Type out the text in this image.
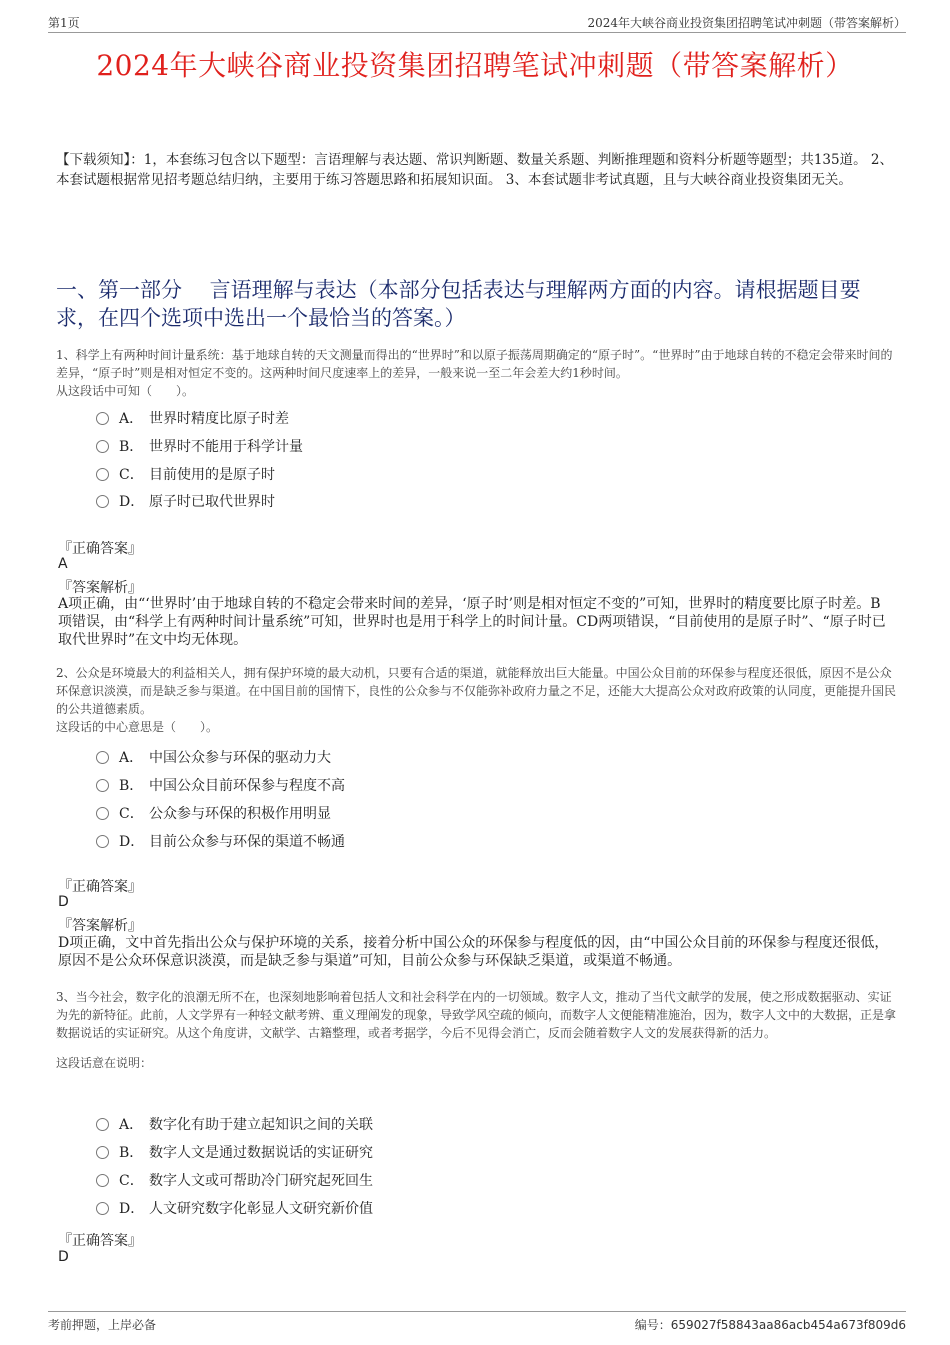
第1页	2024年大峡谷商业投资集团招聘笔试冲刺题（带答案解析）
2024年大峡谷商业投资集团招聘笔试冲刺题（带答案解析）
【下载须知】：1，本套练习包含以下题型：言语理解与表达题、常识判断题、数量关系题、判断推理题和资料分析题等题型；共135道。 2、本套试题根据常见招考题总结归纳，主要用于练习答题思路和拓展知识面。 3、本套试题非考试真题，且与大峡谷商业投资集团无关。
一、第一部分　 言语理解与表达（本部分包括表达与理解两方面的内容。请根据题目要求，在四个选项中选出一个最恰当的答案。）
1、科学上有两种时间计量系统：基于地球自转的天文测量而得出的“世界时”和以原子振荡周期确定的“原子时”。“世界时”由于地球自转的不稳定会带来时间的差异，“原子时”则是相对恒定不变的。这两种时间尺度速率上的差异，一般来说一至二年会差大约1秒时间。
从这段话中可知（　　）。
A． 世界时精度比原子时差
B． 世界时不能用于科学计量
C． 目前使用的是原子时
D． 原子时已取代世界时
『正确答案』
A
『答案解析』
A项正确，由“‘世界时’由于地球自转的不稳定会带来时间的差异，‘原子时’则是相对恒定不变的”可知，世界时的精度要比原子时差。B项错误，由“科学上有两种时间计量系统”可知，世界时也是用于科学上的时间计量。CD两项错误，“目前使用的是原子时”、“原子时已取代世界时”在文中均无体现。
2、公众是环境最大的利益相关人，拥有保护环境的最大动机，只要有合适的渠道，就能释放出巨大能量。中国公众目前的环保参与程度还很低，原因不是公众环保意识淡漠，而是缺乏参与渠道。在中国目前的国情下，良性的公众参与不仅能弥补政府力量之不足，还能大大提高公众对政府政策的认同度，更能提升国民的公共道德素质。
这段话的中心意思是（　　）。
A． 中国公众参与环保的驱动力大
B． 中国公众目前环保参与程度不高
C． 公众参与环保的积极作用明显
D． 目前公众参与环保的渠道不畅通
『正确答案』
D
『答案解析』
D项正确，文中首先指出公众与保护环境的关系，接着分析中国公众的环保参与程度低的因，由“中国公众目前的环保参与程度还很低，原因不是公众环保意识淡漠，而是缺乏参与渠道”可知，目前公众参与环保缺乏渠道，或渠道不畅通。
3、当今社会，数字化的浪潮无所不在，也深刻地影响着包括人文和社会科学在内的一切领域。数字人文，推动了当代文献学的发展，使之形成数据驱动、实证为先的新特征。此前，人文学界有一种轻文献考辨、重义理阐发的现象，导致学风空疏的倾向，而数字人文便能精准施治，因为，数字人文中的大数据，正是拿数据说话的实证研究。从这个角度讲，文献学、古籍整理，或者考据学，今后不见得会消亡，反而会随着数字人文的发展获得新的活力。
这段话意在说明：
A． 数字化有助于建立起知识之间的关联
B． 数字人文是通过数据说话的实证研究
C． 数字人文或可帮助冷门研究起死回生
D． 人文研究数字化彰显人文研究新价值
『正确答案』
D
考前押题，上岸必备	编号：659027f58843aa86acb454a673f809d6
